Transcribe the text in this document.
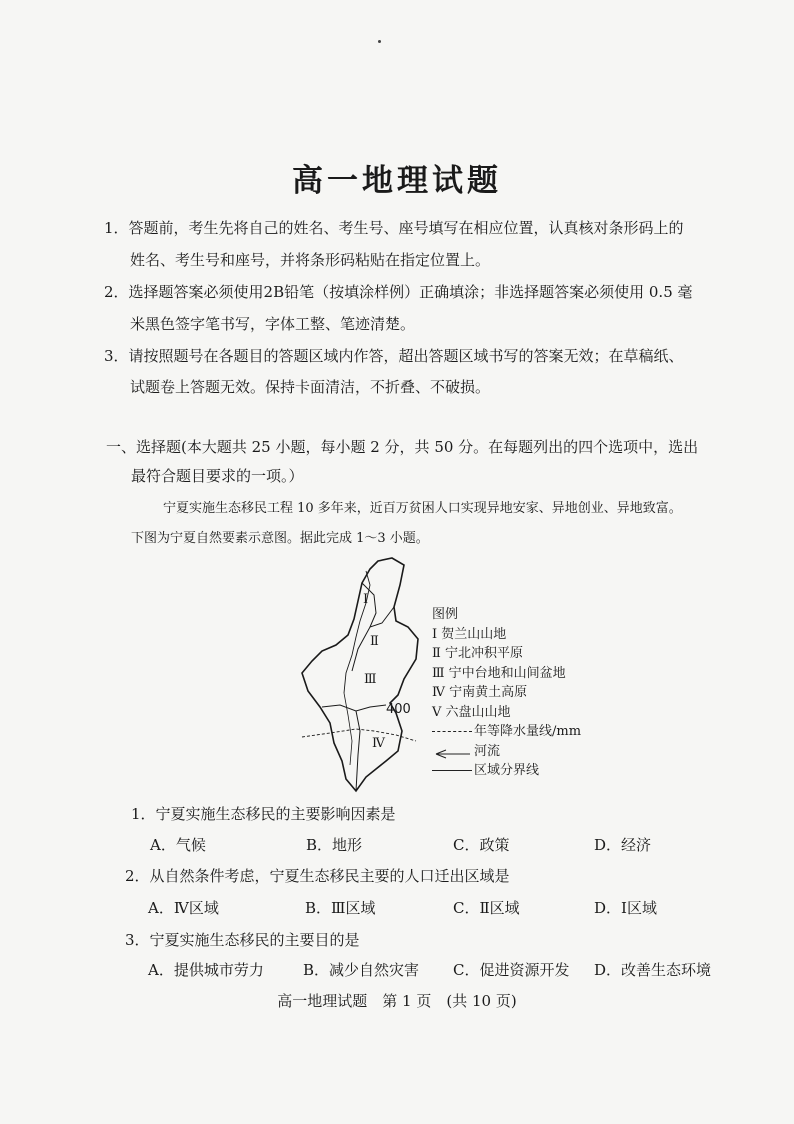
高一地理试题
1．答题前，考生先将自己的姓名、考生号、座号填写在相应位置，认真核对条形码上的
姓名、考生号和座号，并将条形码粘贴在指定位置上。
2．选择题答案必须使用2B铅笔（按填涂样例）正确填涂；非选择题答案必须使用 0.5 毫
米黑色签字笔书写，字体工整、笔迹清楚。
3．请按照题号在各题目的答题区域内作答，超出答题区域书写的答案无效；在草稿纸、
试题卷上答题无效。保持卡面清洁，不折叠、不破损。
一、选择题(本大题共 25 小题，每小题 2 分，共 50 分。在每题列出的四个选项中，选出
最符合题目要求的一项。）
宁夏实施生态移民工程 10 多年来，近百万贫困人口实现异地安家、异地创业、异地致富。
下图为宁夏自然要素示意图。据此完成 1～3 小题。
Ⅰ
Ⅱ
Ⅲ
Ⅳ
400
图例
Ⅰ 贺兰山山地
Ⅱ 宁北冲积平原
Ⅲ 宁中台地和山间盆地
Ⅳ 宁南黄土高原
Ⅴ 六盘山山地
年等降水量线/mm
河流
区域分界线
1．宁夏实施生态移民的主要影响因素是
A．气候	B．地形	C．政策	D．经济
2．从自然条件考虑，宁夏生态移民主要的人口迁出区域是
A．Ⅳ区域	B．Ⅲ区域	C．Ⅱ区域	D．Ⅰ区域
3．宁夏实施生态移民的主要目的是
A．提供城市劳力	B．减少自然灾害 C．促进资源开发 D．改善生态环境
高一地理试题　第 1 页　(共 10 页)
